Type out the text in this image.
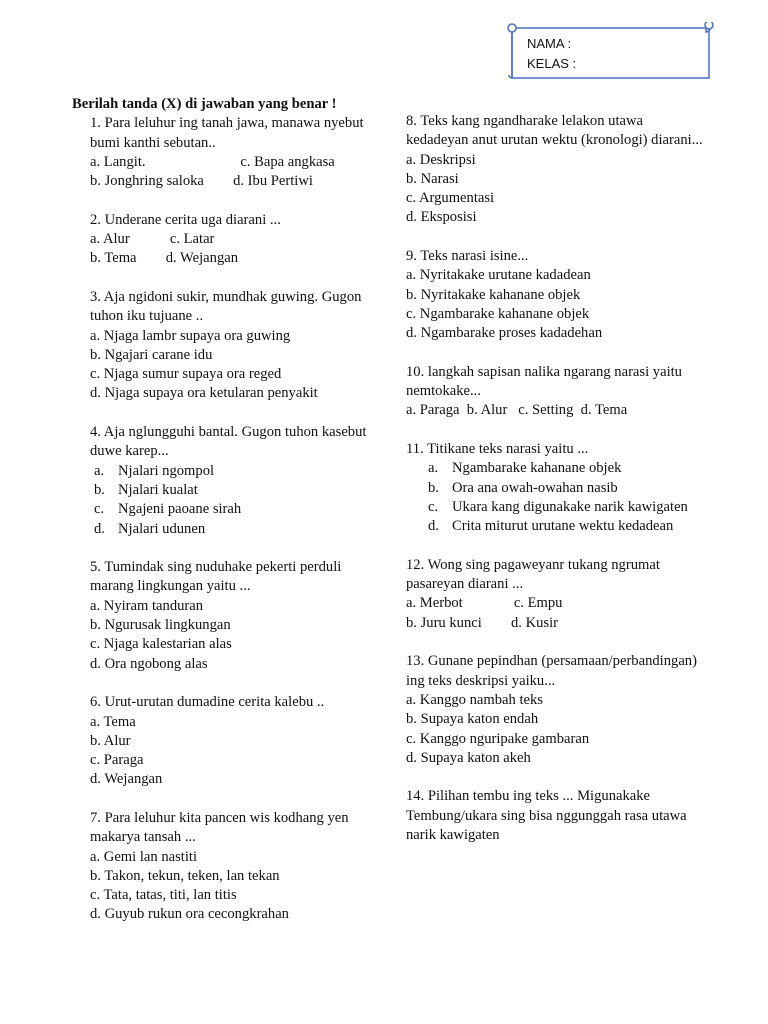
NAMA :
KELAS :
Berilah tanda (X) di jawaban yang benar !
1. Para leluhur ing tanah jawa, manawa nyebut bumi kanthi sebutan..
a. Langit.                          c. Bapa angkasa
b. Jonghring saloka        d. Ibu Pertiwi
2. Underane cerita uga diarani ...
a. Alur           c. Latar
b. Tema        d. Wejangan
3. Aja ngidoni sukir, mundhak guwing. Gugon tuhon iku tujuane ..
a. Njaga lambr supaya ora guwing
b. Ngajari carane idu
c. Njaga sumur supaya ora reged
d. Njaga supaya ora ketularan penyakit
4. Aja nglungguhi bantal. Gugon tuhon kasebut duwe karep...
a. Njalari ngompol
b. Njalari kualat
c. Ngajeni paoane sirah
d. Njalari udunen
5. Tumindak sing nuduhake pekerti perduli marang lingkungan yaitu ...
a. Nyiram tanduran
b. Ngurusak lingkungan
c. Njaga kalestarian alas
d. Ora ngobong alas
6. Urut-urutan dumadine cerita kalebu ..
a. Tema
b. Alur
c. Paraga
d. Wejangan
7. Para leluhur kita pancen wis kodhang yen makarya tansah ...
a. Gemi lan nastiti
b. Takon, tekun, teken, lan tekan
c. Tata, tatas, titi, lan titis
d. Guyub rukun ora cecongkrahan
8. Teks kang ngandharake lelakon utawa kedadeyan anut urutan wektu (kronologi) diarani...
a. Deskripsi
b. Narasi
c. Argumentasi
d. Eksposisi
9. Teks narasi isine...
a. Nyritakake urutane kadadean
b. Nyritakake kahanane objek
c. Ngambarake kahanane objek
d. Ngambarake proses kadadehan
10. langkah sapisan nalika ngarang narasi yaitu nemtokake...
a. Paraga  b. Alur   c. Setting  d. Tema
11. Titikane teks narasi yaitu ...
a. Ngambarake kahanane objek
b. Ora ana owah-owahan nasib
c. Ukara kang digunakake narik kawigaten
d. Crita miturut urutane wektu kedadean
12. Wong sing pagaweyanr tukang ngrumat pasareyan diarani ...
a. Merbot              c. Empu
b. Juru kunci        d. Kusir
13. Gunane pepindhan (persamaan/perbandingan) ing teks deskripsi yaiku...
a. Kanggo nambah teks
b. Supaya katon endah
c. Kanggo nguripake gambaran
d. Supaya katon akeh
14. Pilihan tembu ing teks ... Migunakake Tembung/ukara sing bisa nggunggah rasa utawa narik kawigaten
